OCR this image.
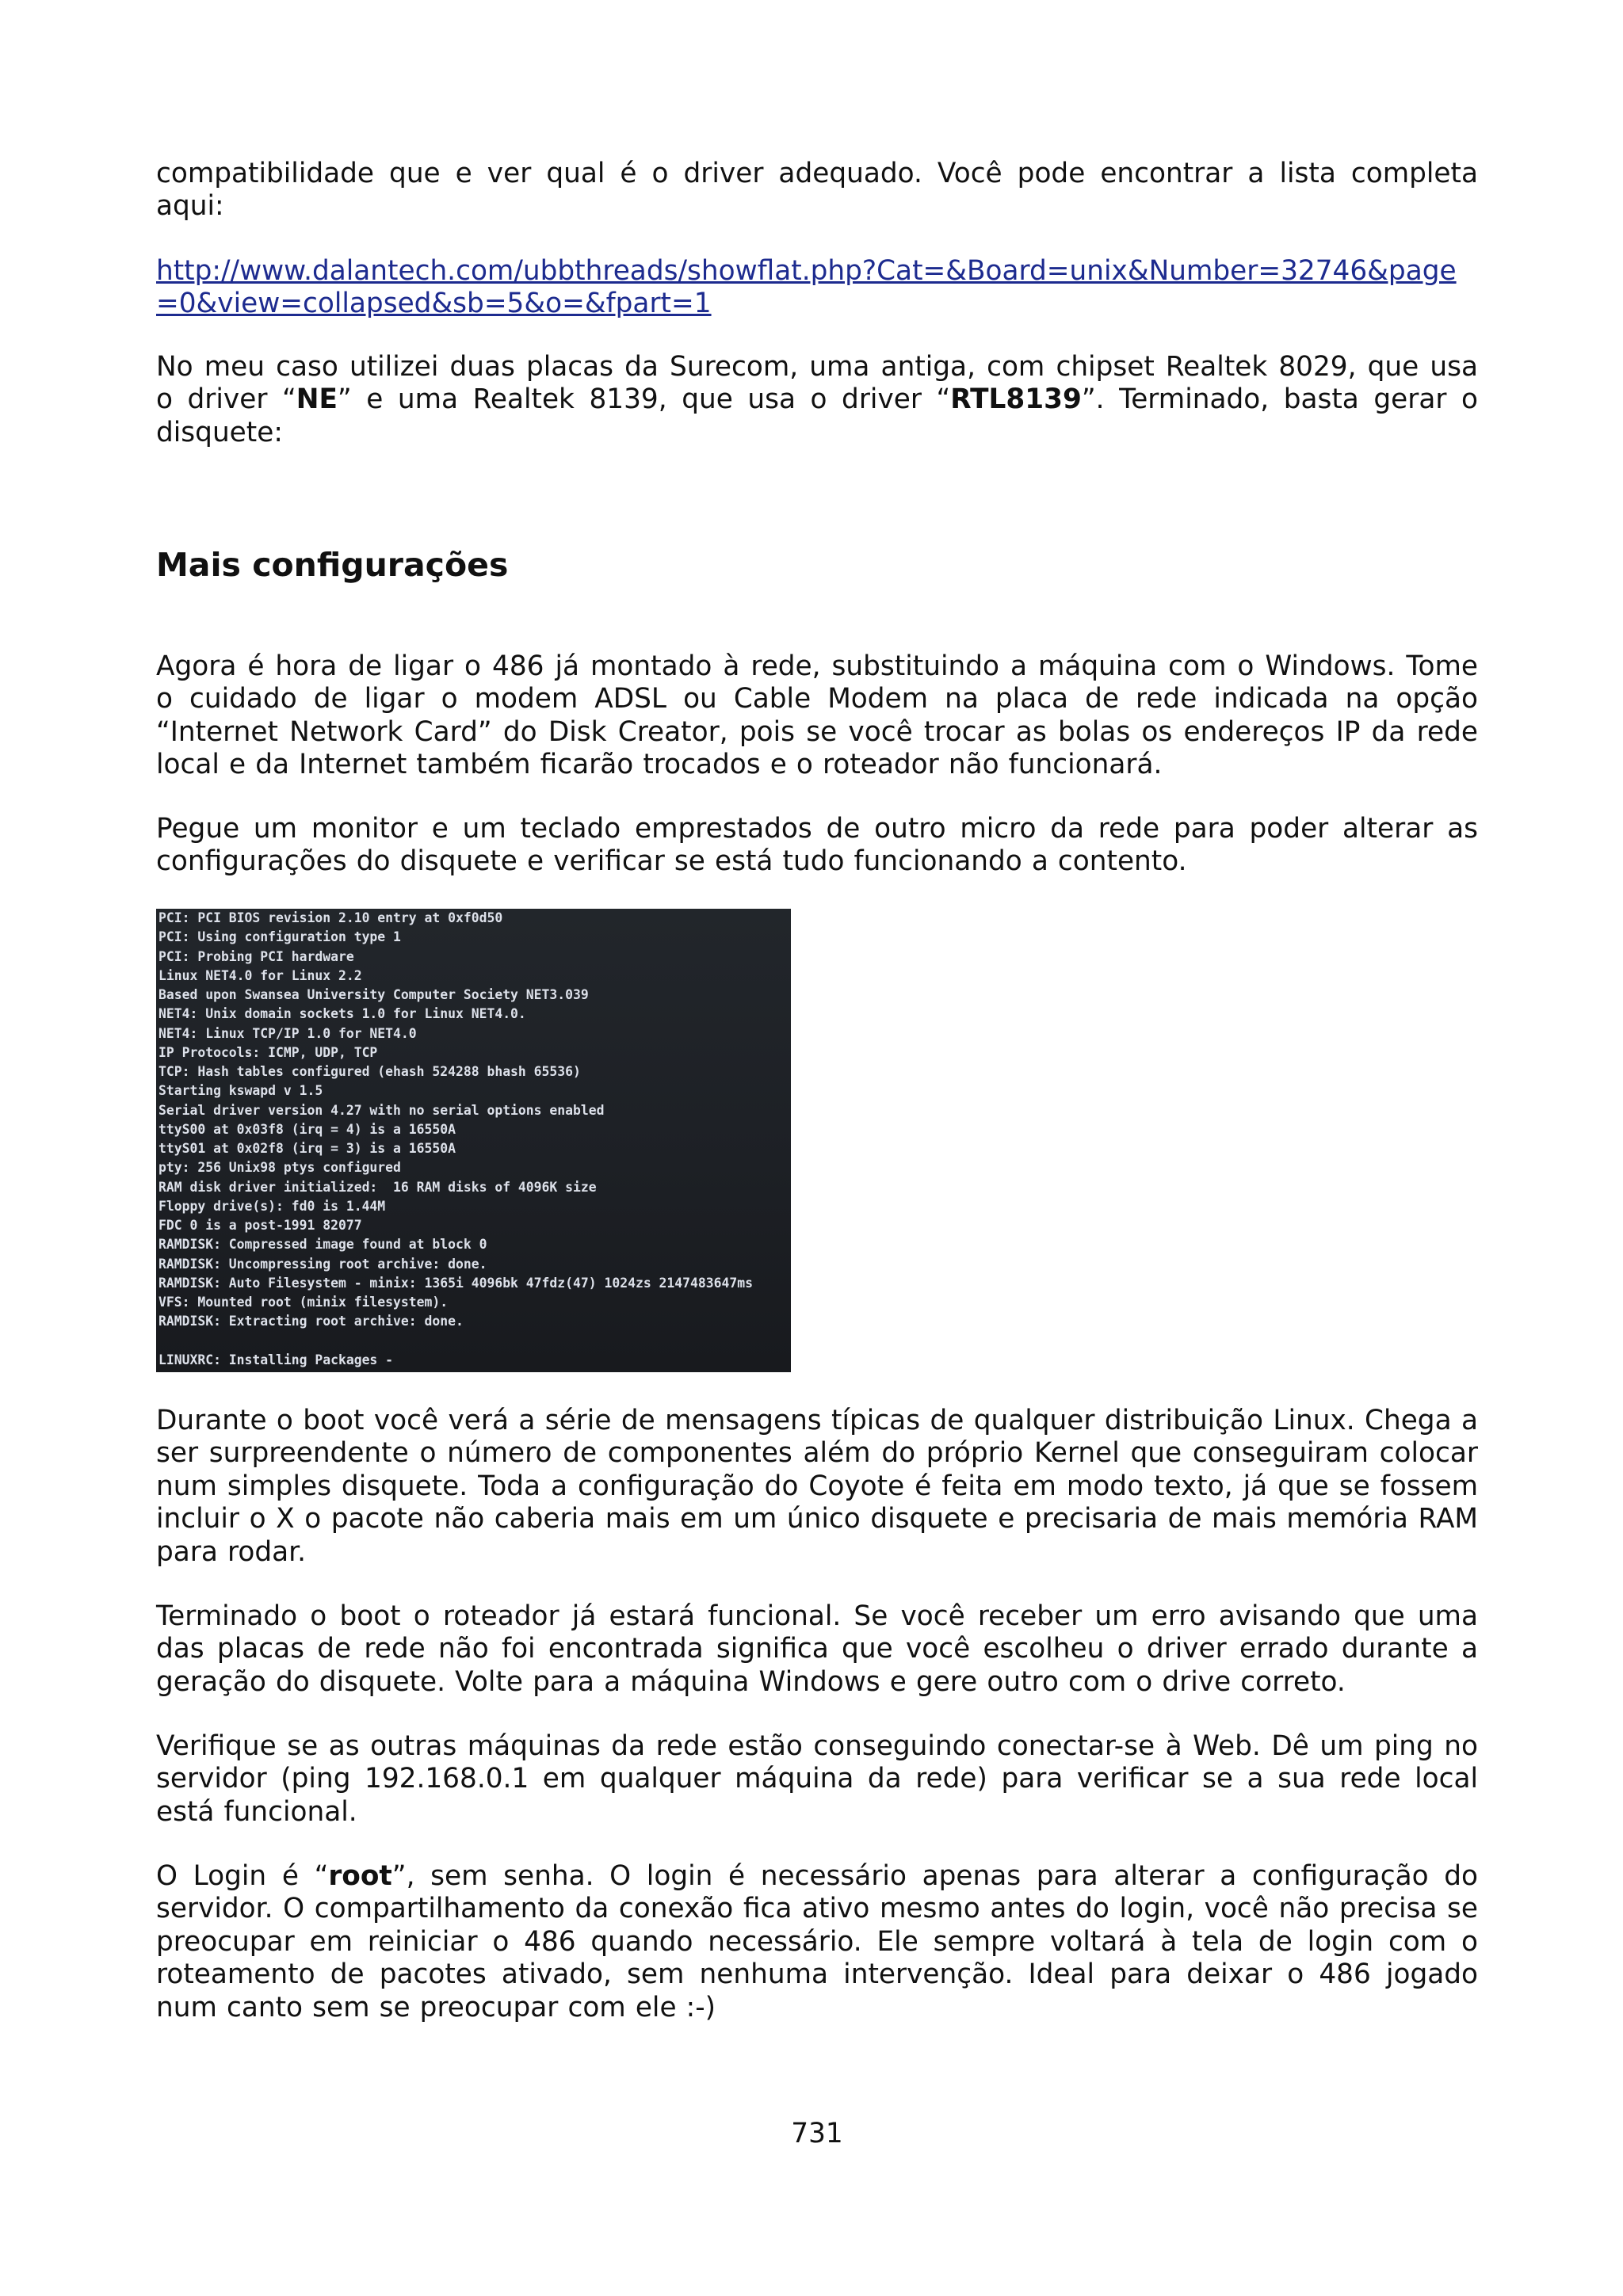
compatibilidade que e ver qual é o driver adequado. Você pode encontrar a lista completa aqui:

http://www.dalantech.com/ubbthreads/showflat.php?Cat=&Board=unix&Number=32746&page=0&view=collapsed&sb=5&o=&fpart=1

No meu caso utilizei duas placas da Surecom, uma antiga, com chipset Realtek 8029, que usa o driver “NE” e uma Realtek 8139, que usa o driver “RTL8139”. Terminado, basta gerar o disquete:

Mais configurações

Agora é hora de ligar o 486 já montado à rede, substituindo a máquina com o Windows. Tome o cuidado de ligar o modem ADSL ou Cable Modem na placa de rede indicada na opção “Internet Network Card” do Disk Creator, pois se você trocar as bolas os endereços IP da rede local e da Internet também ficarão trocados e o roteador não funcionará.

Pegue um monitor e um teclado emprestados de outro micro da rede para poder alterar as configurações do disquete e verificar se está tudo funcionando a contento.

PCI: PCI BIOS revision 2.10 entry at 0xf0d50
PCI: Using configuration type 1
PCI: Probing PCI hardware
Linux NET4.0 for Linux 2.2
Based upon Swansea University Computer Society NET3.039
NET4: Unix domain sockets 1.0 for Linux NET4.0.
NET4: Linux TCP/IP 1.0 for NET4.0
IP Protocols: ICMP, UDP, TCP
TCP: Hash tables configured (ehash 524288 bhash 65536)
Starting kswapd v 1.5
Serial driver version 4.27 with no serial options enabled
ttyS00 at 0x03f8 (irq = 4) is a 16550A
ttyS01 at 0x02f8 (irq = 3) is a 16550A
pty: 256 Unix98 ptys configured
RAM disk driver initialized:  16 RAM disks of 4096K size
Floppy drive(s): fd0 is 1.44M
FDC 0 is a post-1991 82077
RAMDISK: Compressed image found at block 0
RAMDISK: Uncompressing root archive: done.
RAMDISK: Auto Filesystem - minix: 1365i 4096bk 47fdz(47) 1024zs 2147483647ms
VFS: Mounted root (minix filesystem).
RAMDISK: Extracting root archive: done.
LINUXRC: Installing Packages -

Durante o boot você verá a série de mensagens típicas de qualquer distribuição Linux. Chega a ser surpreendente o número de componentes além do próprio Kernel que conseguiram colocar num simples disquete. Toda a configuração do Coyote é feita em modo texto, já que se fossem incluir o X o pacote não caberia mais em um único disquete e precisaria de mais memória RAM para rodar.

Terminado o boot o roteador já estará funcional. Se você receber um erro avisando que uma das placas de rede não foi encontrada significa que você escolheu o driver errado durante a geração do disquete. Volte para a máquina Windows e gere outro com o drive correto.

Verifique se as outras máquinas da rede estão conseguindo conectar-se à Web. Dê um ping no servidor (ping 192.168.0.1 em qualquer máquina da rede) para verificar se a sua rede local está funcional.

O Login é “root”, sem senha. O login é necessário apenas para alterar a configuração do servidor. O compartilhamento da conexão fica ativo mesmo antes do login, você não precisa se preocupar em reiniciar o 486 quando necessário. Ele sempre voltará à tela de login com o roteamento de pacotes ativado, sem nenhuma intervenção. Ideal para deixar o 486 jogado num canto sem se preocupar com ele :-)

731
